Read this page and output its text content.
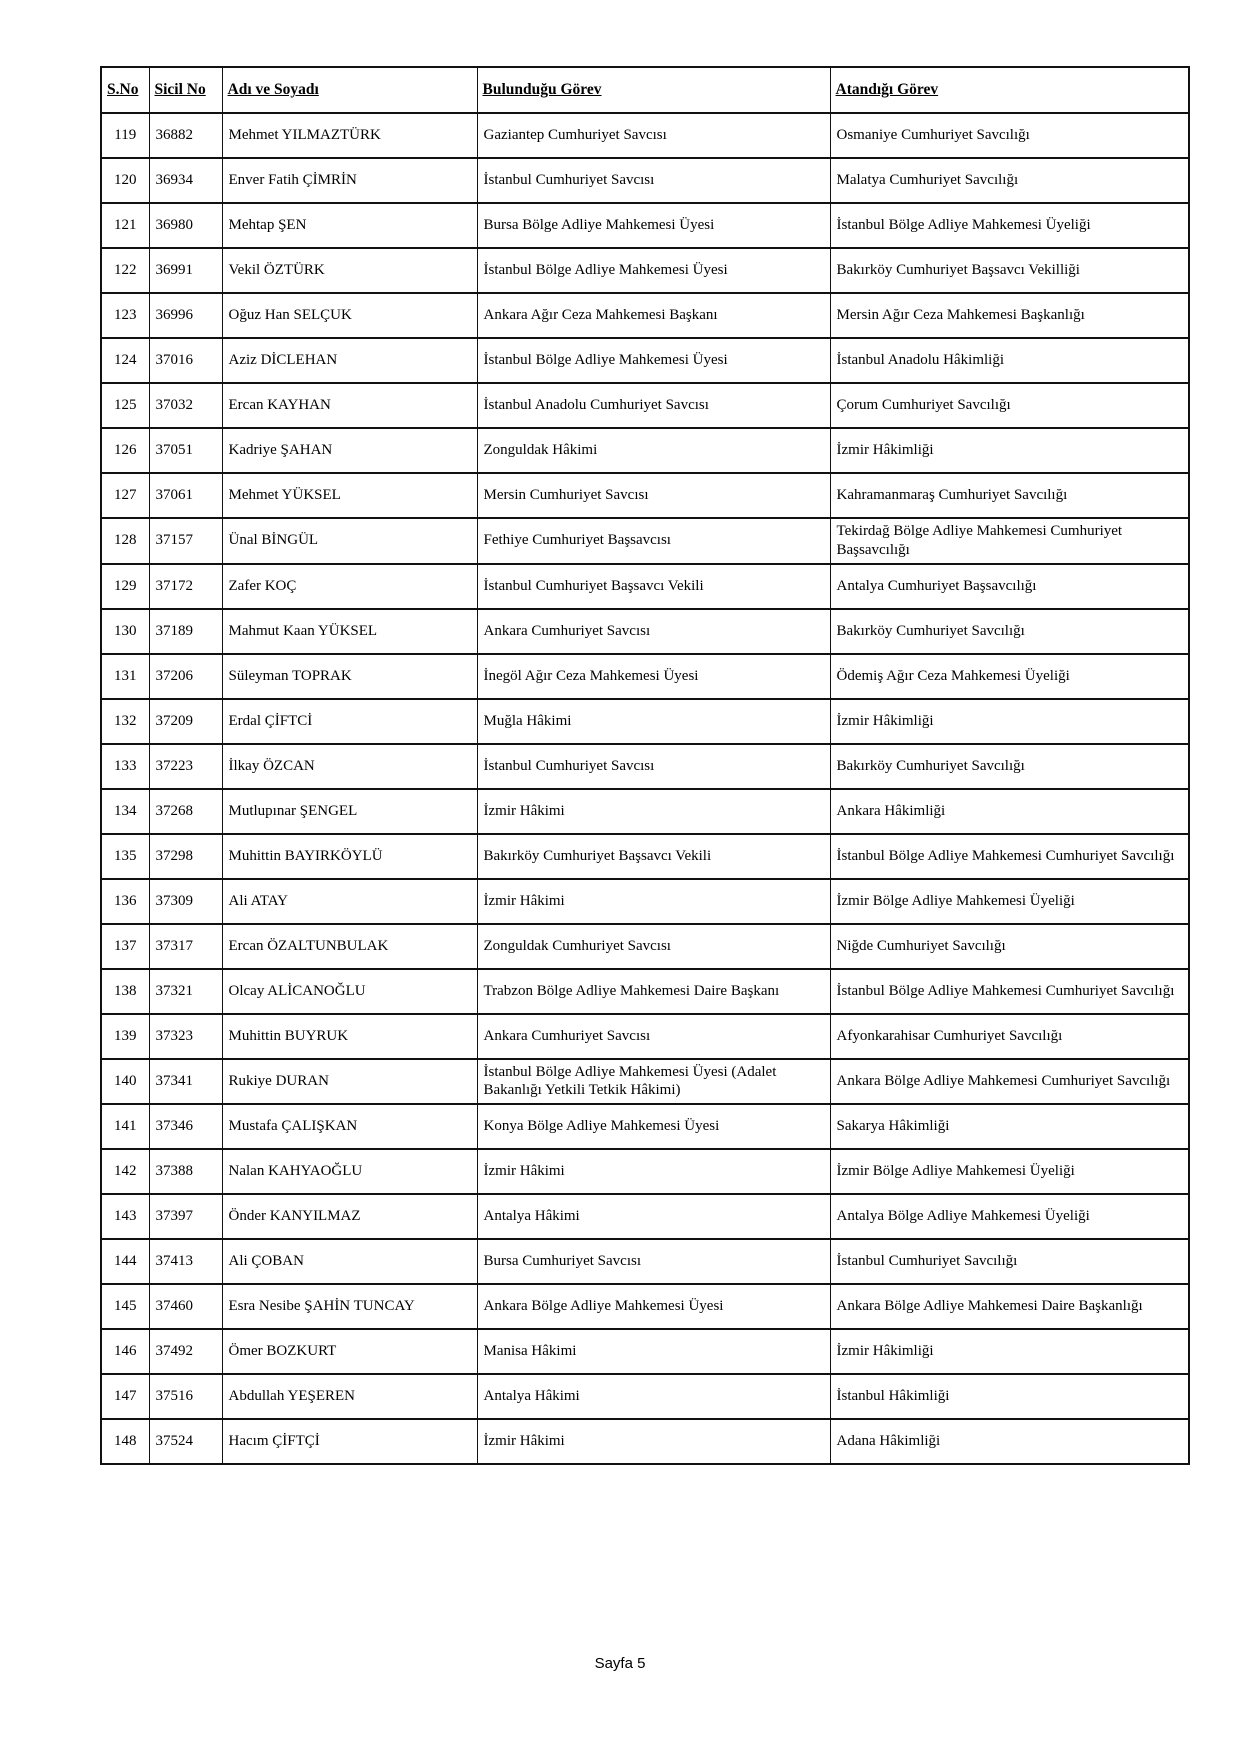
S.No	Sicil No	Adı ve Soyadı	Bulunduğu Görev	Atandığı Görev
119	36882	Mehmet YILMAZTÜRK	Gaziantep Cumhuriyet Savcısı	Osmaniye Cumhuriyet Savcılığı
120	36934	Enver Fatih ÇİMRİN	İstanbul Cumhuriyet Savcısı	Malatya Cumhuriyet Savcılığı
121	36980	Mehtap ŞEN	Bursa Bölge Adliye Mahkemesi Üyesi	İstanbul Bölge Adliye Mahkemesi Üyeliği
122	36991	Vekil ÖZTÜRK	İstanbul Bölge Adliye Mahkemesi Üyesi	Bakırköy Cumhuriyet Başsavcı Vekilliği
123	36996	Oğuz Han SELÇUK	Ankara Ağır Ceza Mahkemesi Başkanı	Mersin Ağır Ceza Mahkemesi Başkanlığı
124	37016	Aziz DİCLEHAN	İstanbul Bölge Adliye Mahkemesi Üyesi	İstanbul Anadolu Hâkimliği
125	37032	Ercan KAYHAN	İstanbul Anadolu Cumhuriyet Savcısı	Çorum Cumhuriyet Savcılığı
126	37051	Kadriye ŞAHAN	Zonguldak Hâkimi	İzmir Hâkimliği
127	37061	Mehmet YÜKSEL	Mersin Cumhuriyet Savcısı	Kahramanmaraş Cumhuriyet Savcılığı
128	37157	Ünal BİNGÜL	Fethiye Cumhuriyet Başsavcısı	Tekirdağ Bölge Adliye Mahkemesi Cumhuriyet Başsavcılığı
129	37172	Zafer KOÇ	İstanbul Cumhuriyet Başsavcı Vekili	Antalya Cumhuriyet Başsavcılığı
130	37189	Mahmut Kaan YÜKSEL	Ankara Cumhuriyet Savcısı	Bakırköy Cumhuriyet Savcılığı
131	37206	Süleyman TOPRAK	İnegöl Ağır Ceza Mahkemesi Üyesi	Ödemiş Ağır Ceza Mahkemesi Üyeliği
132	37209	Erdal ÇİFTCİ	Muğla Hâkimi	İzmir Hâkimliği
133	37223	İlkay ÖZCAN	İstanbul Cumhuriyet Savcısı	Bakırköy Cumhuriyet Savcılığı
134	37268	Mutlupınar ŞENGEL	İzmir Hâkimi	Ankara Hâkimliği
135	37298	Muhittin BAYIRKÖYLÜ	Bakırköy Cumhuriyet Başsavcı Vekili	İstanbul Bölge Adliye Mahkemesi Cumhuriyet Savcılığı
136	37309	Ali ATAY	İzmir Hâkimi	İzmir Bölge Adliye Mahkemesi Üyeliği
137	37317	Ercan ÖZALTUNBULAK	Zonguldak Cumhuriyet Savcısı	Niğde Cumhuriyet Savcılığı
138	37321	Olcay ALİCANOĞLU	Trabzon Bölge Adliye Mahkemesi Daire Başkanı	İstanbul Bölge Adliye Mahkemesi Cumhuriyet Savcılığı
139	37323	Muhittin BUYRUK	Ankara Cumhuriyet Savcısı	Afyonkarahisar Cumhuriyet Savcılığı
140	37341	Rukiye DURAN	İstanbul Bölge Adliye Mahkemesi Üyesi (Adalet Bakanlığı Yetkili Tetkik Hâkimi)	Ankara Bölge Adliye Mahkemesi Cumhuriyet Savcılığı
141	37346	Mustafa ÇALIŞKAN	Konya Bölge Adliye Mahkemesi Üyesi	Sakarya Hâkimliği
142	37388	Nalan KAHYAOĞLU	İzmir Hâkimi	İzmir Bölge Adliye Mahkemesi Üyeliği
143	37397	Önder KANYILMAZ	Antalya Hâkimi	Antalya Bölge Adliye Mahkemesi Üyeliği
144	37413	Ali ÇOBAN	Bursa Cumhuriyet Savcısı	İstanbul Cumhuriyet Savcılığı
145	37460	Esra Nesibe ŞAHİN TUNCAY	Ankara Bölge Adliye Mahkemesi Üyesi	Ankara Bölge Adliye Mahkemesi Daire Başkanlığı
146	37492	Ömer BOZKURT	Manisa Hâkimi	İzmir Hâkimliği
147	37516	Abdullah YEŞEREN	Antalya Hâkimi	İstanbul Hâkimliği
148	37524	Hacım ÇİFTÇİ	İzmir Hâkimi	Adana Hâkimliği
Sayfa 5
